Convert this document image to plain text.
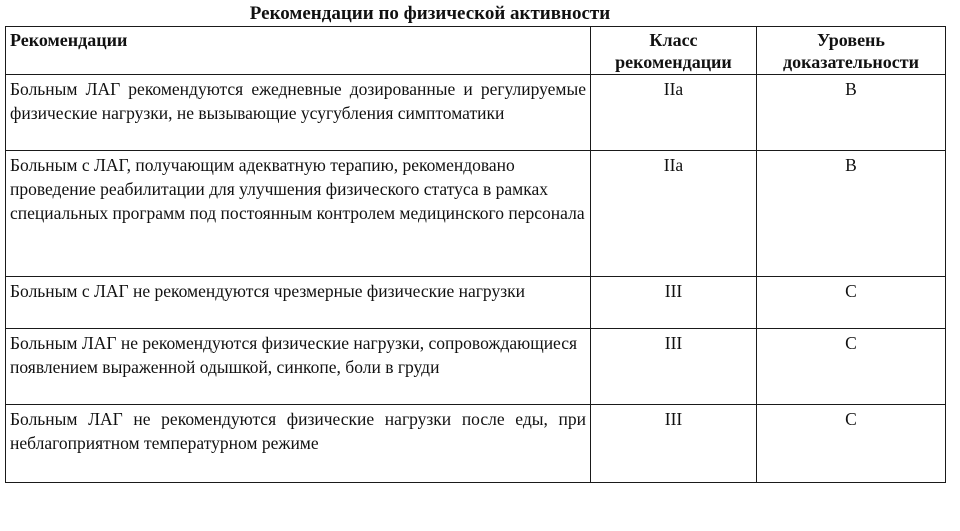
Рекомендации по физической активности
Рекомендации	Класс рекомендации	Уровень доказательности
Больным ЛАГ рекомендуются ежедневные дозированные и регулируемые физические нагрузки, не вызывающие усугубления симптоматики	IIa	B
Больным с ЛАГ, получающим адекватную терапию, рекомендовано проведение реабилитации для улучшения физического статуса в рамках специальных программ под постоянным контролем медицинского персонала	IIa	B
Больным с ЛАГ не рекомендуются чрезмерные физические нагрузки	III	C
Больным ЛАГ не рекомендуются физические нагрузки, сопровождающиеся появлением выраженной одышкой, синкопе, боли в груди	III	C
Больным ЛАГ не рекомендуются физические нагрузки после еды, при неблагоприятном температурном режиме	III	C
